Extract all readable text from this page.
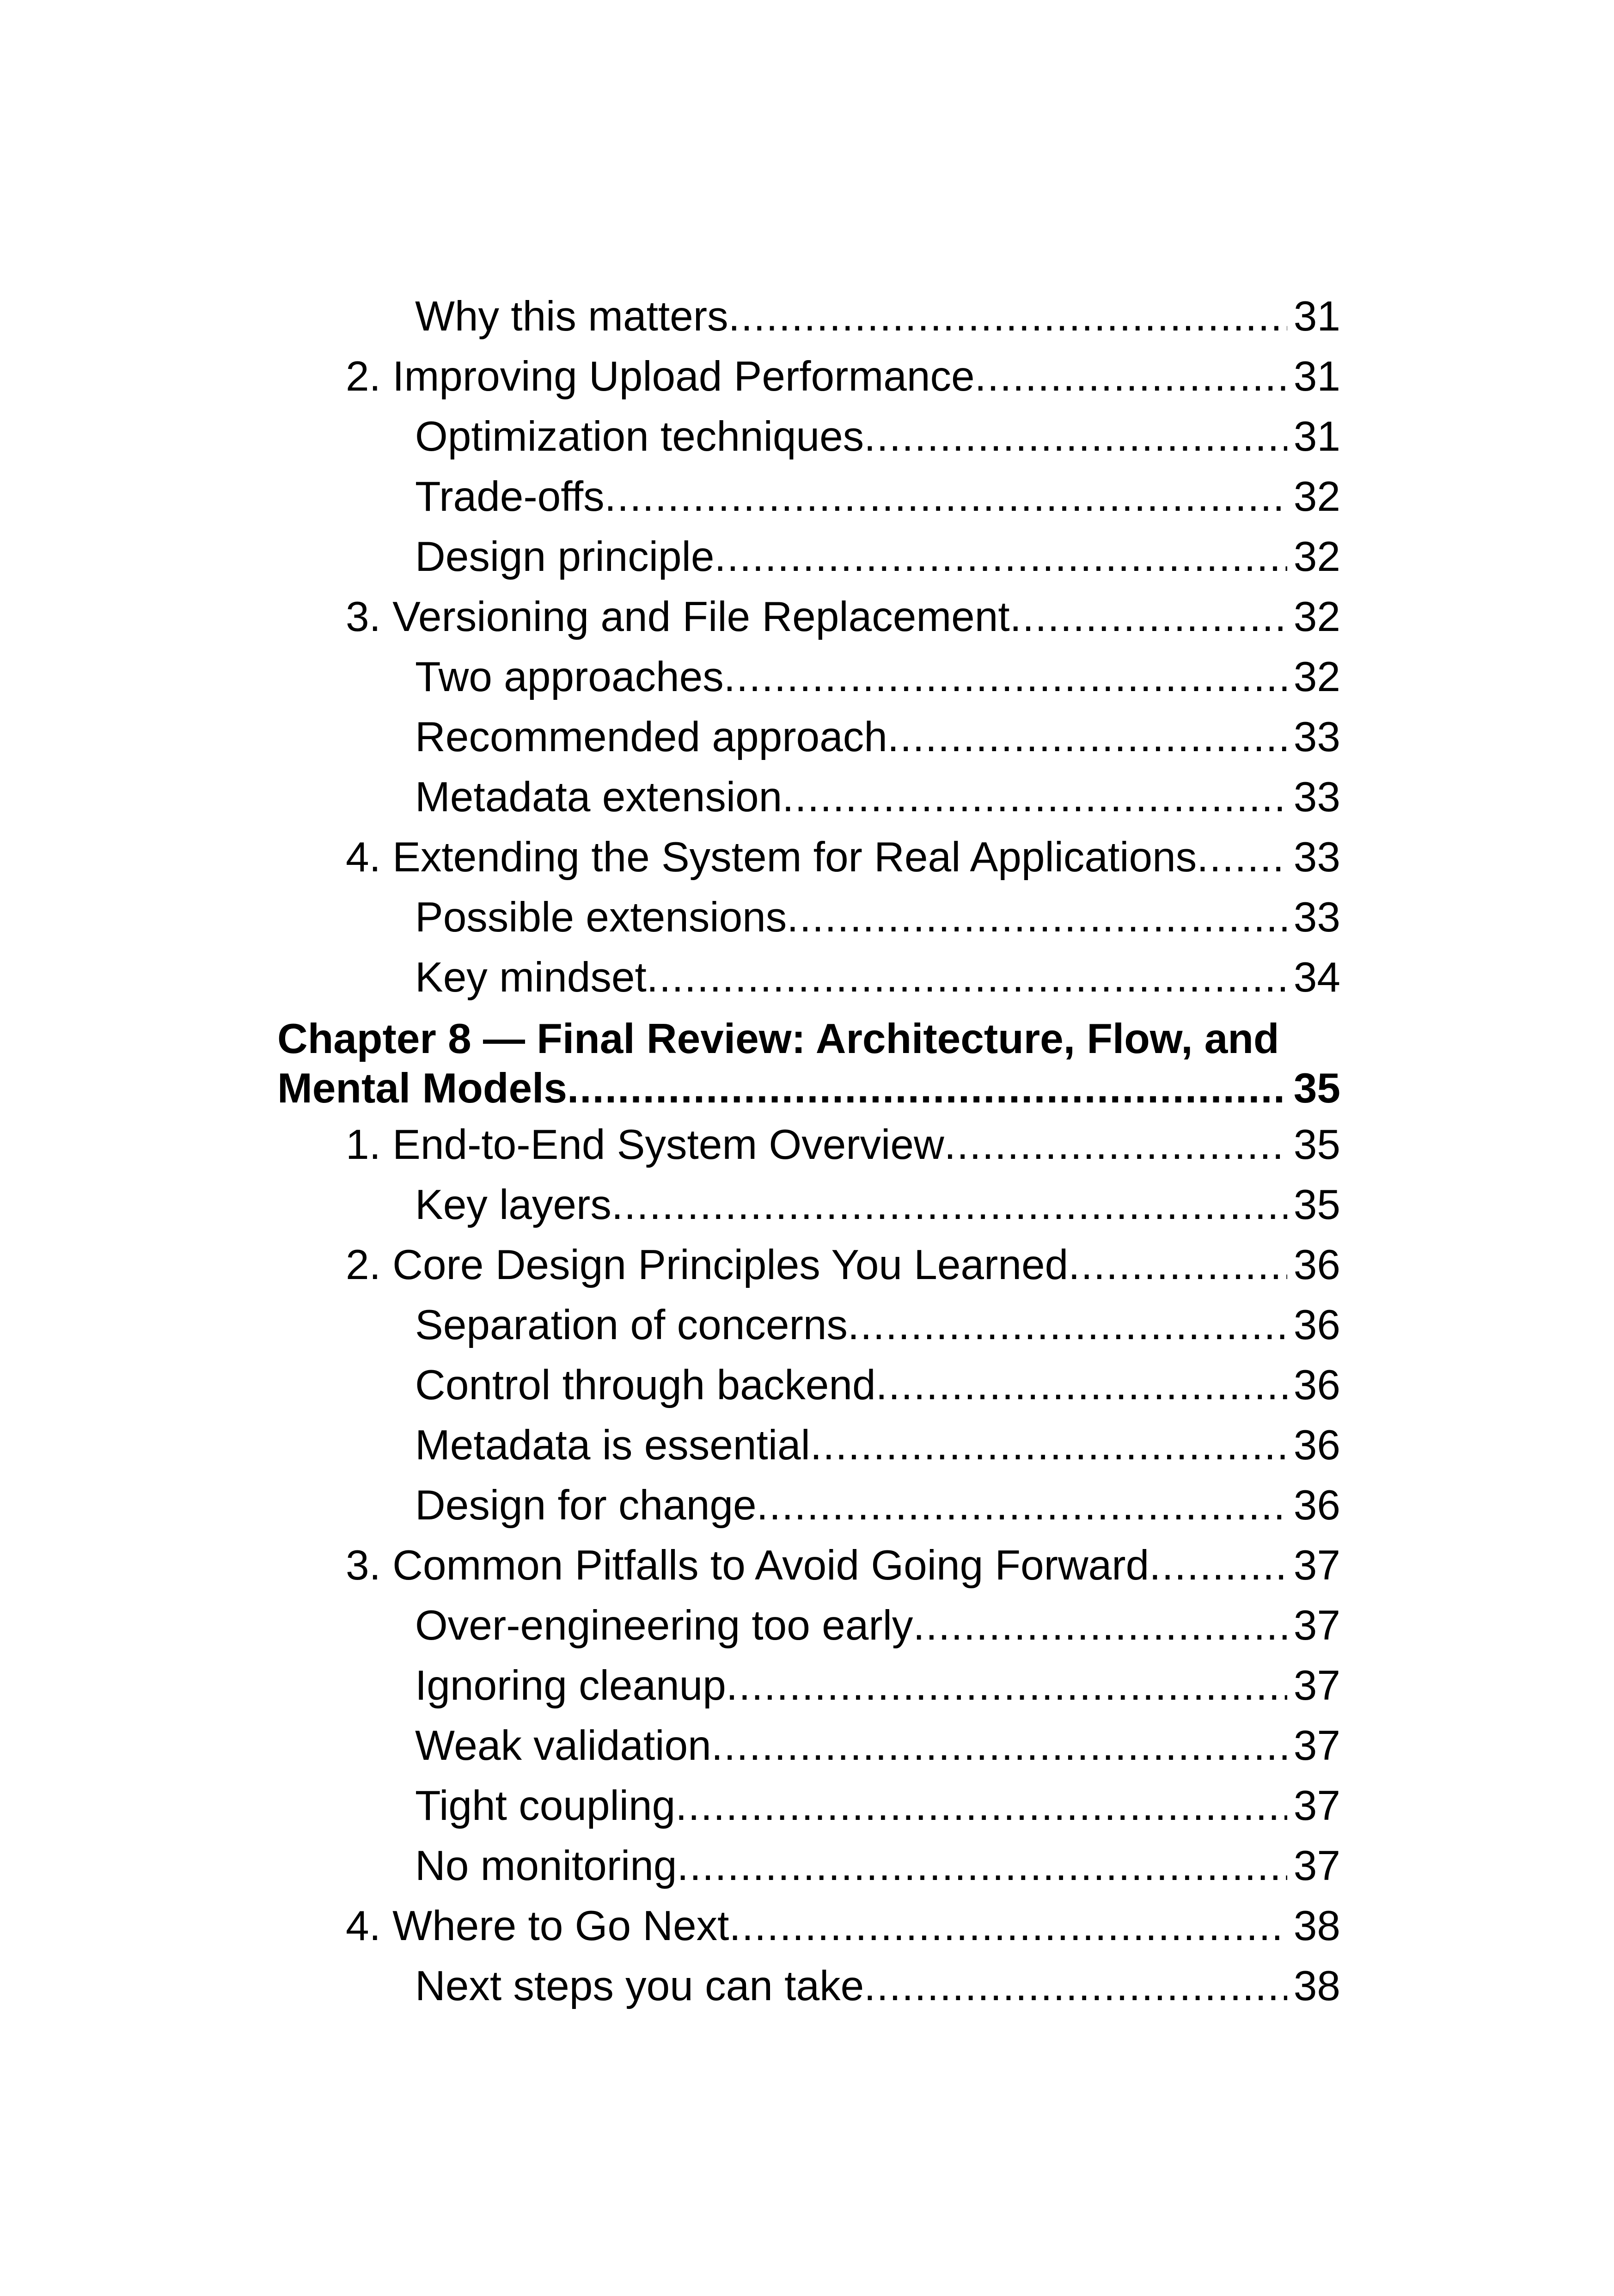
Why this matters .....	31
2. Improving Upload Performance .....	31
Optimization techniques .....	31
Trade-offs .....	32
Design principle .....	32
3. Versioning and File Replacement .....	32
Two approaches .....	32
Recommended approach .....	33
Metadata extension .....	33
4. Extending the System for Real Applications ..... 33
Possible extensions .....	33
Key mindset .....	34
Chapter 8 — Final Review: Architecture, Flow, and
Mental Models .....	35
1. End-to-End System Overview .....	35
Key layers .....	35
2. Core Design Principles You Learned .....	36
Separation of concerns .....	36
Control through backend .....	36
Metadata is essential .....	36
Design for change .....	36
3. Common Pitfalls to Avoid Going Forward .....	37
Over-engineering too early .....	37
Ignoring cleanup .....	37
Weak validation .....	37
Tight coupling .....	37
No monitoring .....	37
4. Where to Go Next .....	38
Next steps you can take .....	38
